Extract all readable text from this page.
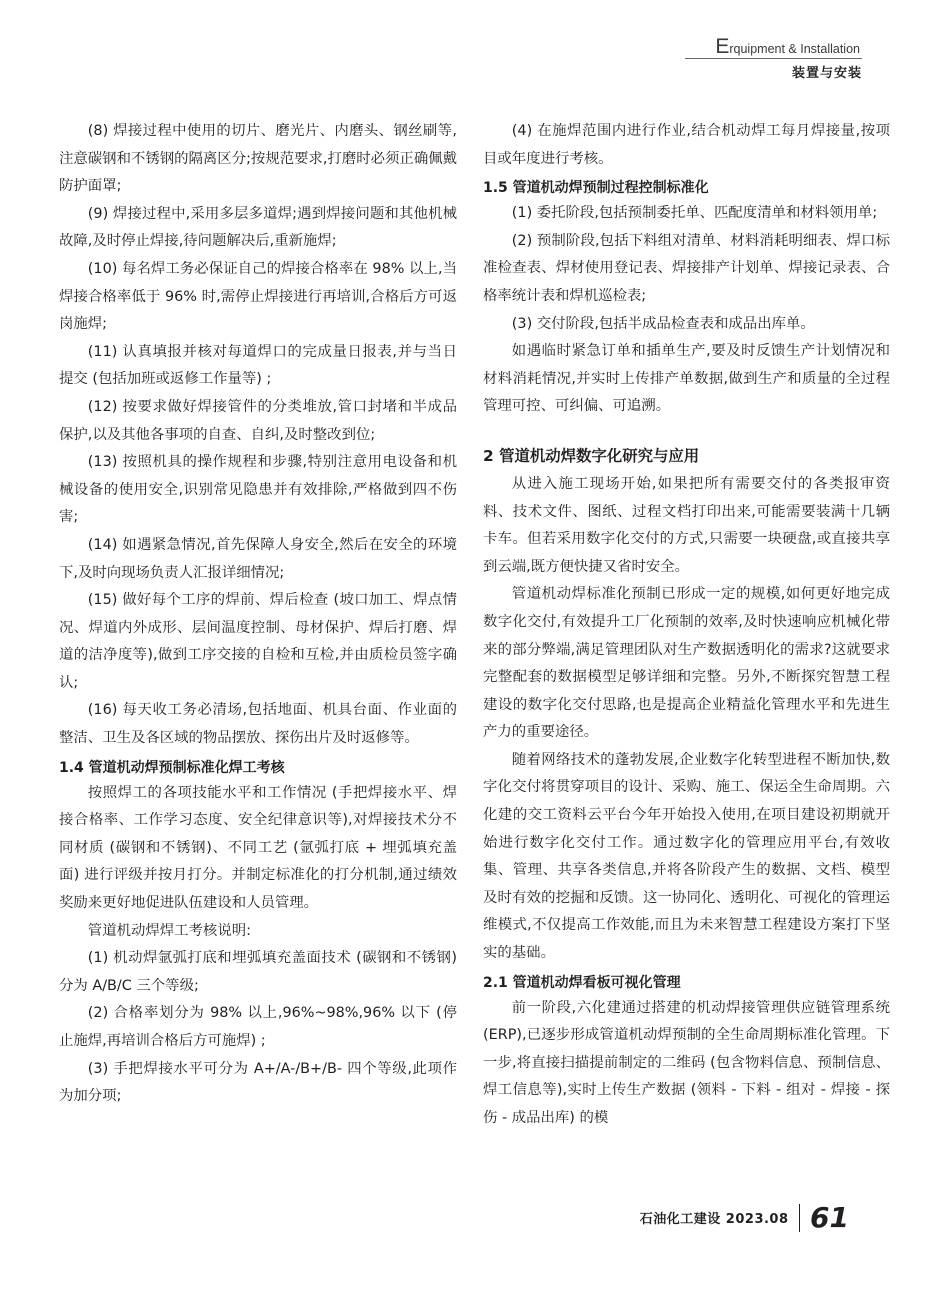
Erquipment & Installation
装置与安装

(8) 焊接过程中使用的切片、磨光片、内磨头、钢丝刷等,注意碳钢和不锈钢的隔离区分;按规范要求,打磨时必须正确佩戴防护面罩;

(9) 焊接过程中,采用多层多道焊;遇到焊接问题和其他机械故障,及时停止焊接,待问题解决后,重新施焊;

(10) 每名焊工务必保证自己的焊接合格率在 98% 以上,当焊接合格率低于 96% 时,需停止焊接进行再培训,合格后方可返岗施焊;

(11) 认真填报并核对每道焊口的完成量日报表,并与当日提交 (包括加班或返修工作量等) ;

(12) 按要求做好焊接管件的分类堆放,管口封堵和半成品保护,以及其他各事项的自查、自纠,及时整改到位;

(13) 按照机具的操作规程和步骤,特别注意用电设备和机械设备的使用安全,识别常见隐患并有效排除,严格做到四不伤害;

(14) 如遇紧急情况,首先保障人身安全,然后在安全的环境下,及时向现场负责人汇报详细情况;

(15) 做好每个工序的焊前、焊后检查 (坡口加工、焊点情况、焊道内外成形、层间温度控制、母材保护、焊后打磨、焊道的洁净度等),做到工序交接的自检和互检,并由质检员签字确认;

(16) 每天收工务必清场,包括地面、机具台面、作业面的整洁、卫生及各区域的物品摆放、探伤出片及时返修等。

1.4 管道机动焊预制标准化焊工考核

按照焊工的各项技能水平和工作情况 (手把焊接水平、焊接合格率、工作学习态度、安全纪律意识等),对焊接技术分不同材质 (碳钢和不锈钢)、不同工艺 (氩弧打底 + 埋弧填充盖面) 进行评级并按月打分。并制定标准化的打分机制,通过绩效奖励来更好地促进队伍建设和人员管理。

管道机动焊焊工考核说明:

(1) 机动焊氩弧打底和埋弧填充盖面技术 (碳钢和不锈钢) 分为 A/B/C 三个等级;

(2) 合格率划分为 98% 以上,96%~98%,96% 以下 (停止施焊,再培训合格后方可施焊) ;

(3) 手把焊接水平可分为 A+/A-/B+/B- 四个等级,此项作为加分项;

(4) 在施焊范围内进行作业,结合机动焊工每月焊接量,按项目或年度进行考核。

1.5 管道机动焊预制过程控制标准化

(1) 委托阶段,包括预制委托单、匹配度清单和材料领用单;

(2) 预制阶段,包括下料组对清单、材料消耗明细表、焊口标准检查表、焊材使用登记表、焊接排产计划单、焊接记录表、合格率统计表和焊机巡检表;

(3) 交付阶段,包括半成品检查表和成品出库单。

如遇临时紧急订单和插单生产,要及时反馈生产计划情况和材料消耗情况,并实时上传排产单数据,做到生产和质量的全过程管理可控、可纠偏、可追溯。

2 管道机动焊数字化研究与应用

从进入施工现场开始,如果把所有需要交付的各类报审资料、技术文件、图纸、过程文档打印出来,可能需要装满十几辆卡车。但若采用数字化交付的方式,只需要一块硬盘,或直接共享到云端,既方便快捷又省时安全。

管道机动焊标准化预制已形成一定的规模,如何更好地完成数字化交付,有效提升工厂化预制的效率,及时快速响应机械化带来的部分弊端,满足管理团队对生产数据透明化的需求?这就要求完整配套的数据模型足够详细和完整。另外,不断探究智慧工程建设的数字化交付思路,也是提高企业精益化管理水平和先进生产力的重要途径。

随着网络技术的蓬勃发展,企业数字化转型进程不断加快,数字化交付将贯穿项目的设计、采购、施工、保运全生命周期。六化建的交工资料云平台今年开始投入使用,在项目建设初期就开始进行数字化交付工作。通过数字化的管理应用平台,有效收集、管理、共享各类信息,并将各阶段产生的数据、文档、模型及时有效的挖掘和反馈。这一协同化、透明化、可视化的管理运维模式,不仅提高工作效能,而且为未来智慧工程建设方案打下坚实的基础。

2.1 管道机动焊看板可视化管理

前一阶段,六化建通过搭建的机动焊接管理供应链管理系统 (ERP),已逐步形成管道机动焊预制的全生命周期标准化管理。下一步,将直接扫描提前制定的二维码 (包含物料信息、预制信息、焊工信息等),实时上传生产数据 (领料 - 下料 - 组对 - 焊接 - 探伤 - 成品出库) 的模

石油化工建设 2023.08 61
